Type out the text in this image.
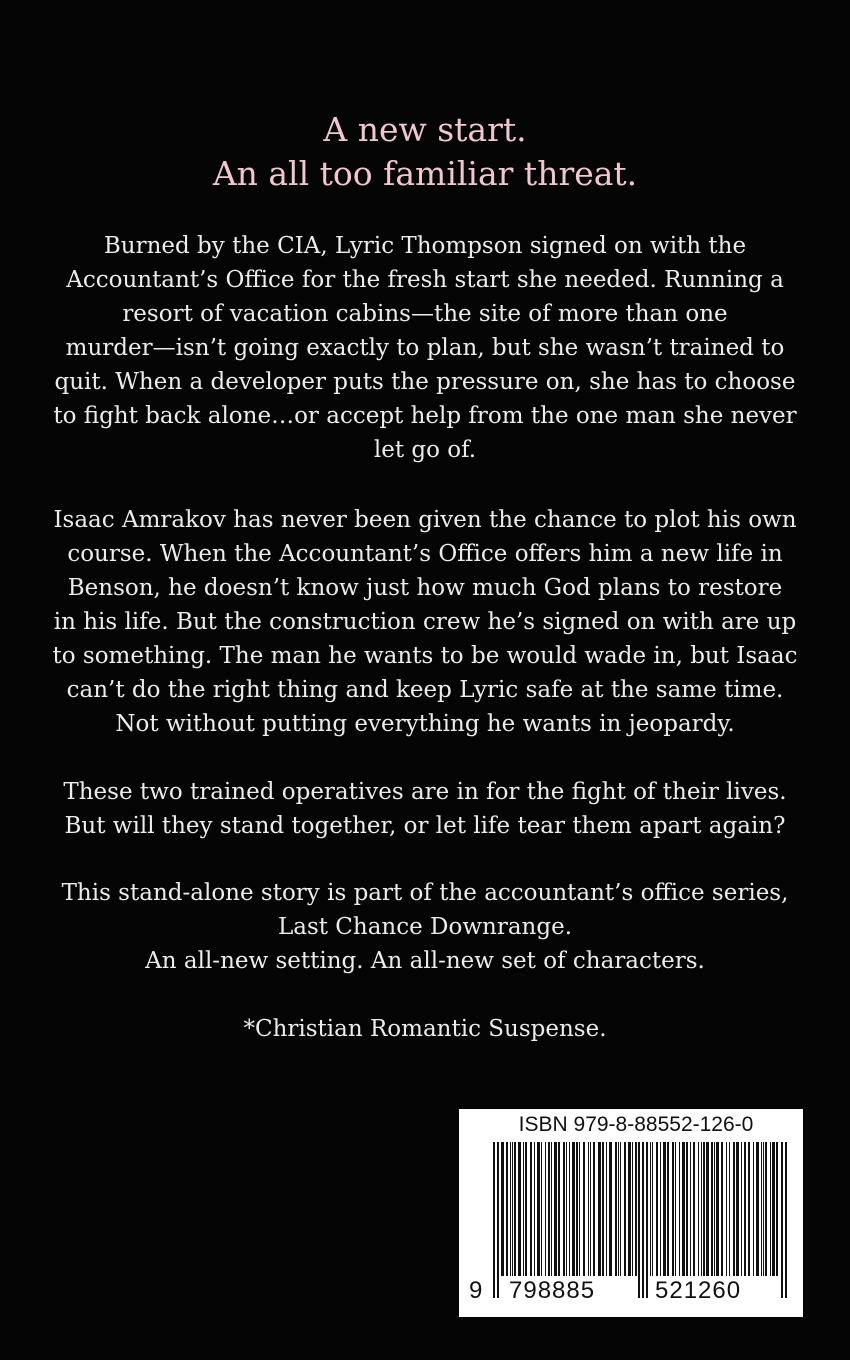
A new start.
An all too familiar threat.
Burned by the CIA, Lyric Thompson signed on with the
Accountant’s Office for the fresh start she needed. Running a
resort of vacation cabins—the site of more than one
murder—isn’t going exactly to plan, but she wasn’t trained to
quit. When a developer puts the pressure on, she has to choose
to fight back alone…or accept help from the one man she never
let go of.
Isaac Amrakov has never been given the chance to plot his own
course. When the Accountant’s Office offers him a new life in
Benson, he doesn’t know just how much God plans to restore
in his life. But the construction crew he’s signed on with are up
to something. The man he wants to be would wade in, but Isaac
can’t do the right thing and keep Lyric safe at the same time.
Not without putting everything he wants in jeopardy.
These two trained operatives are in for the fight of their lives.
But will they stand together, or let life tear them apart again?
This stand-alone story is part of the accountant’s office series,
Last Chance Downrange.
An all-new setting. An all-new set of characters.
*Christian Romantic Suspense.
ISBN 979-8-88552-126-0
9 798885 521260
